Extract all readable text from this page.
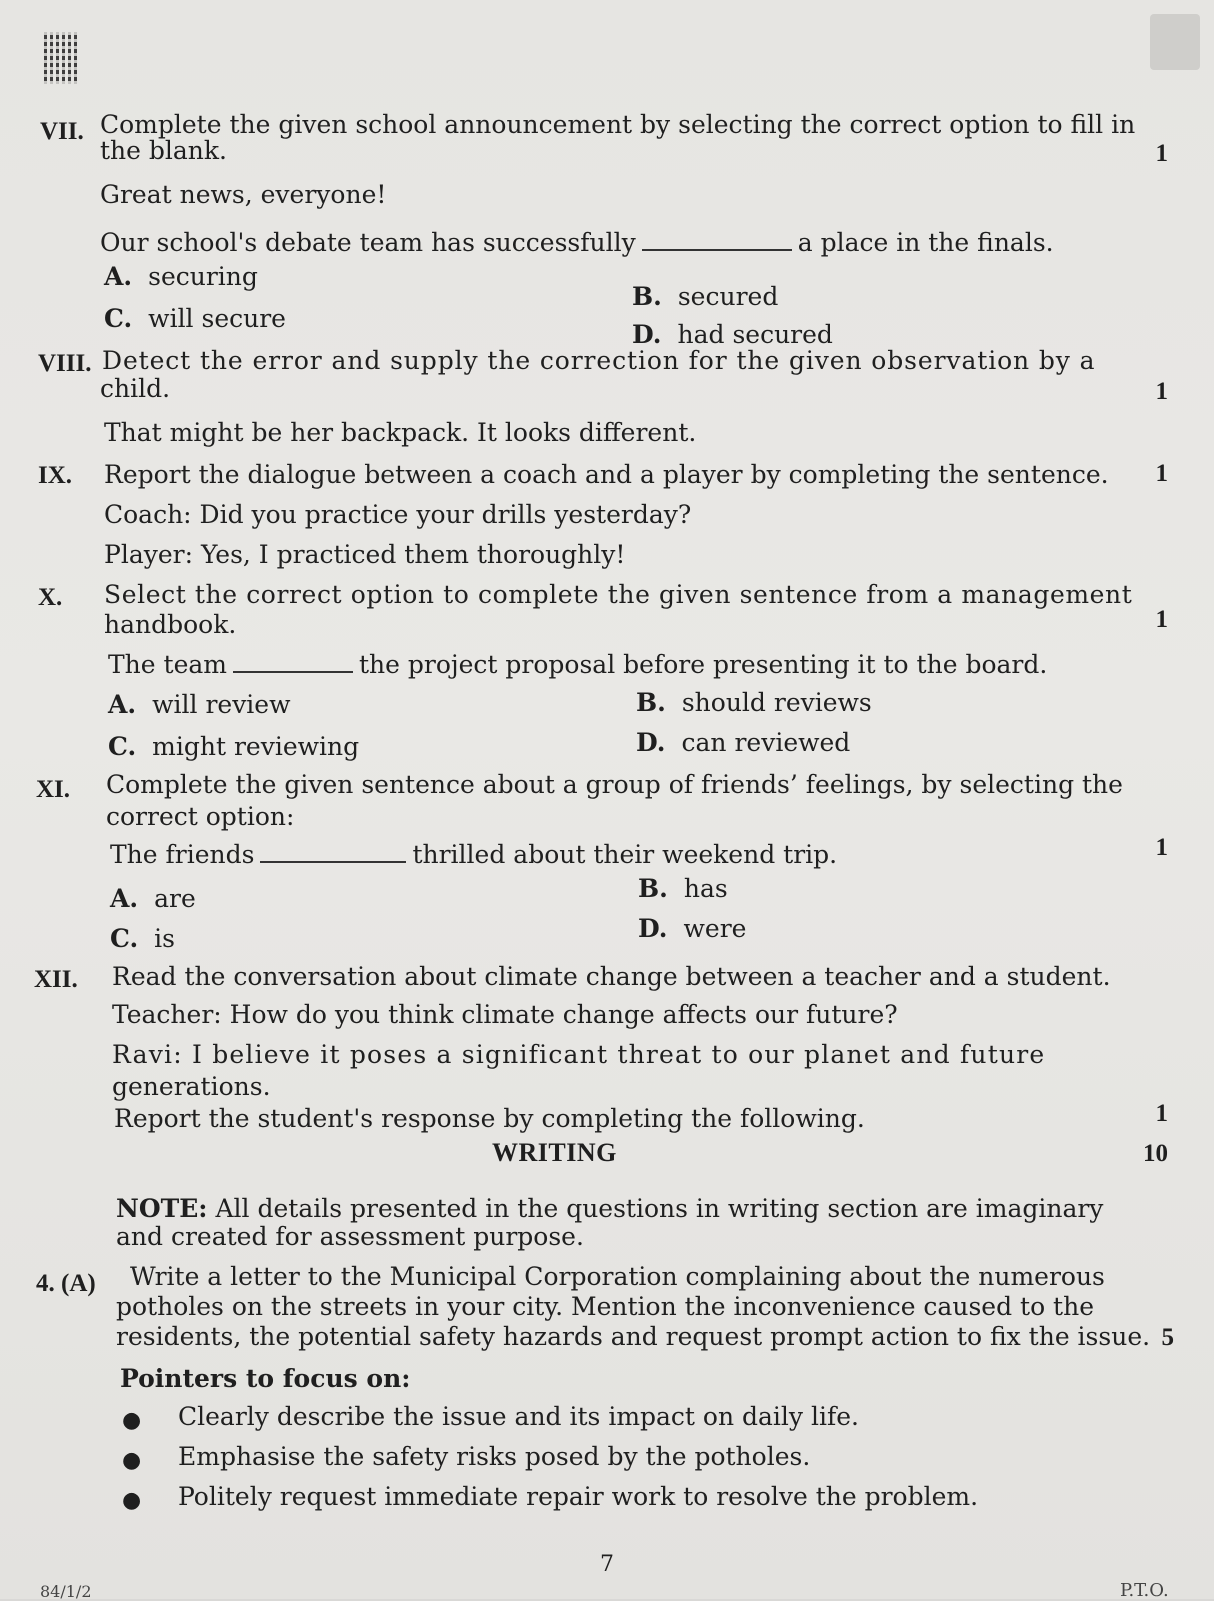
VII. Complete the given school announcement by selecting the correct option to fill in
the blank.	1
Great news, everyone!
Our school's debate team has successfully	a place in the finals.
A. securing
B. secured
C. will secure
D. had secured
VIII. Detect the error and supply the correction for the given observation by a
child.	1
That might be her backpack. It looks different.
IX. Report the dialogue between a coach and a player by completing the sentence. 1
Coach: Did you practice your drills yesterday?
Player: Yes, I practiced them thoroughly!
X. Select the correct option to complete the given sentence from a management
handbook.	1
The team	the project proposal before presenting it to the board.
A. will review	B. should reviews
C. might reviewing	D. can reviewed
XI. Complete the given sentence about a group of friends’ feelings, by selecting the
correct option:
The friends	thrilled about their weekend trip.	1
A. are	B. has
C. is	D. were
XII. Read the conversation about climate change between a teacher and a student.
Teacher: How do you think climate change affects our future?
Ravi: I believe it poses a significant threat to our planet and future
generations.
Report the student's response by completing the following.	1
WRITING	10
NOTE: All details presented in the questions in writing section are imaginary
and created for assessment purpose.
4. (A) Write a letter to the Municipal Corporation complaining about the numerous
potholes on the streets in your city. Mention the inconvenience caused to the
residents, the potential safety hazards and request prompt action to fix the issue. 5
Pointers to focus on:
● Clearly describe the issue and its impact on daily life.
● Emphasise the safety risks posed by the potholes.
● Politely request immediate repair work to resolve the problem.
7
84/1/2	P.T.O.
